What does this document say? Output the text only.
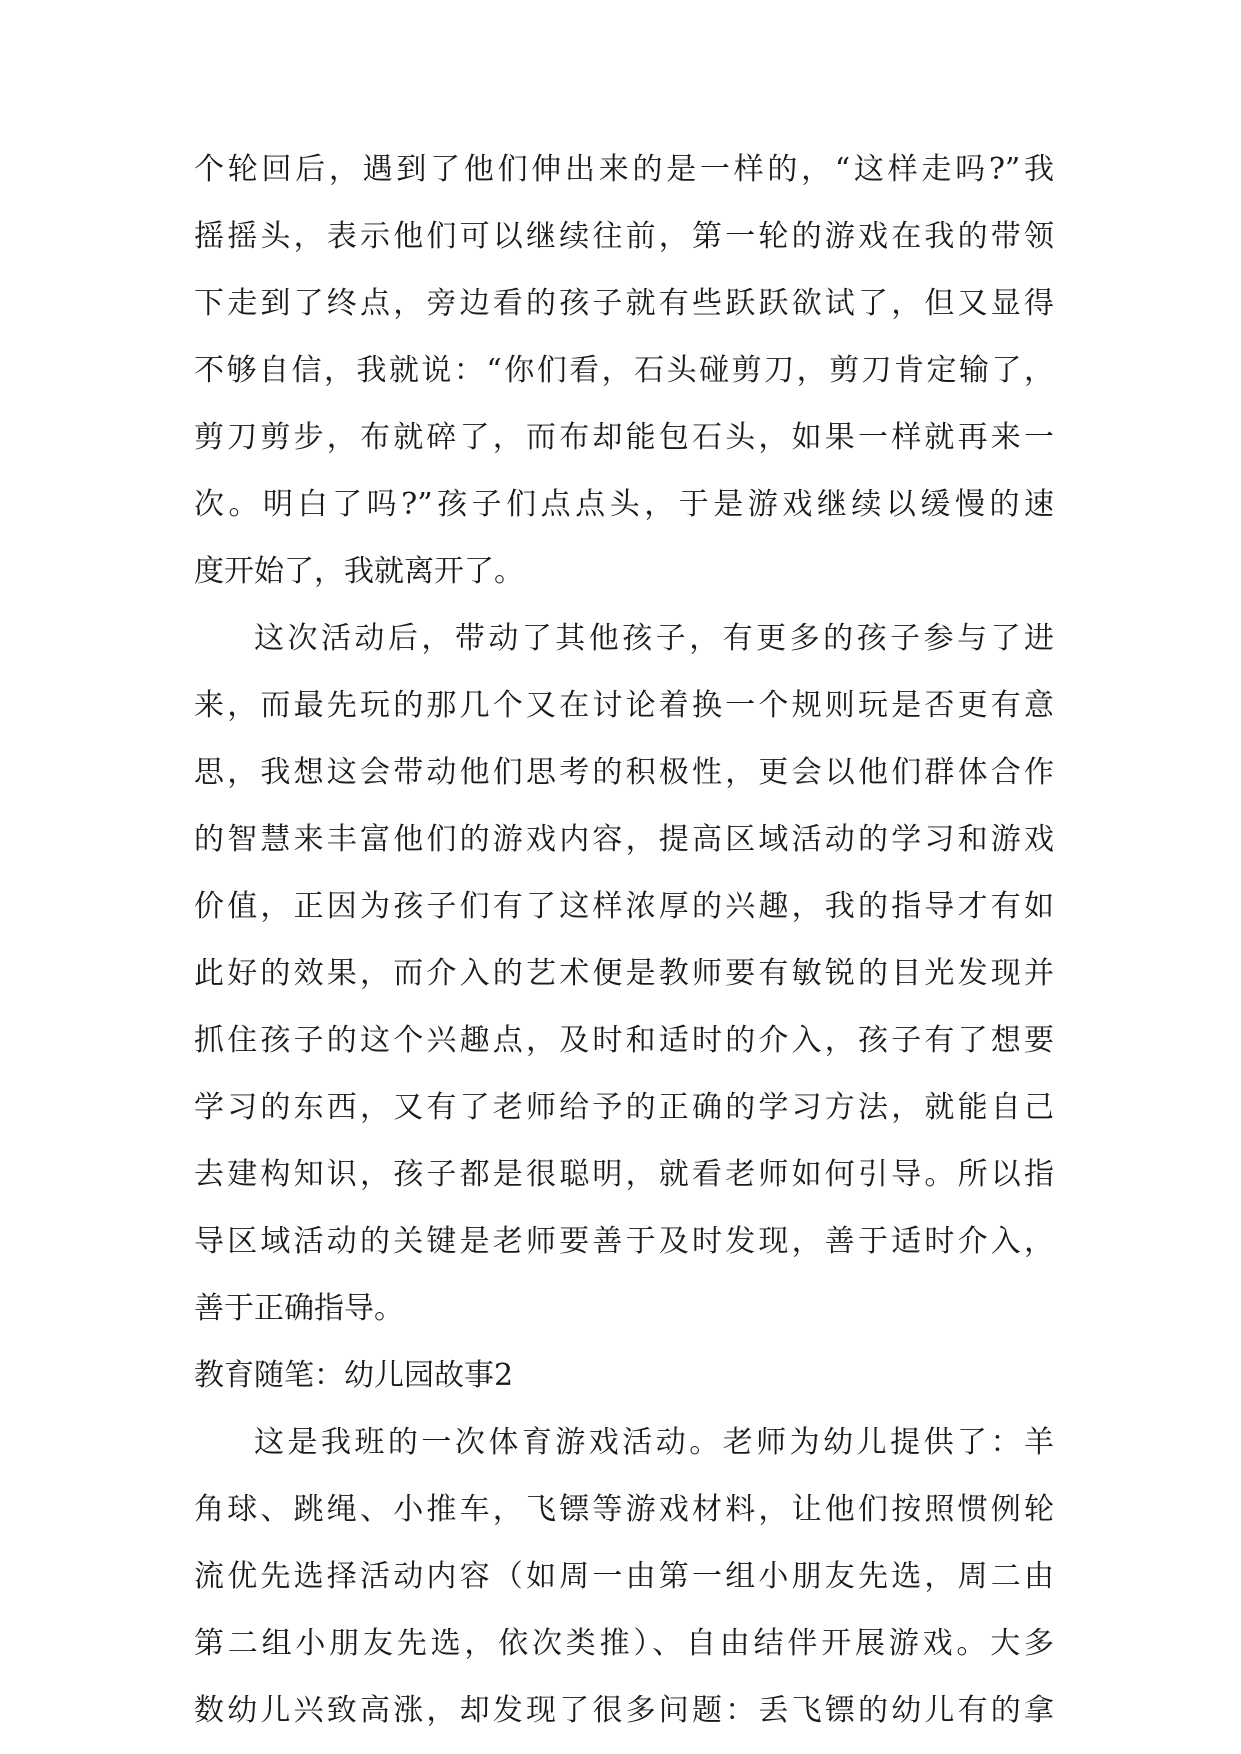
个轮回后，遇到了他们伸出来的是一样的，“这样走吗?”我
摇摇头，表示他们可以继续往前，第一轮的游戏在我的带领
下走到了终点，旁边看的孩子就有些跃跃欲试了，但又显得
不够自信，我就说：“你们看，石头碰剪刀，剪刀肯定输了，
剪刀剪步，布就碎了，而布却能包石头，如果一样就再来一
次。明白了吗?”孩子们点点头，于是游戏继续以缓慢的速
度开始了，我就离开了。
这次活动后，带动了其他孩子，有更多的孩子参与了进
来，而最先玩的那几个又在讨论着换一个规则玩是否更有意
思，我想这会带动他们思考的积极性，更会以他们群体合作
的智慧来丰富他们的游戏内容，提高区域活动的学习和游戏
价值，正因为孩子们有了这样浓厚的兴趣，我的指导才有如
此好的效果，而介入的艺术便是教师要有敏锐的目光发现并
抓住孩子的这个兴趣点，及时和适时的介入，孩子有了想要
学习的东西，又有了老师给予的正确的学习方法，就能自己
去建构知识，孩子都是很聪明，就看老师如何引导。所以指
导区域活动的关键是老师要善于及时发现，善于适时介入，
善于正确指导。
教育随笔：幼儿园故事2
这是我班的一次体育游戏活动。老师为幼儿提供了：羊
角球、跳绳、小推车，飞镖等游戏材料，让他们按照惯例轮
流优先选择活动内容（如周一由第一组小朋友先选，周二由
第二组小朋友先选，依次类推）、自由结伴开展游戏。大多
数幼儿兴致高涨，却发现了很多问题：丢飞镖的幼儿有的拿
